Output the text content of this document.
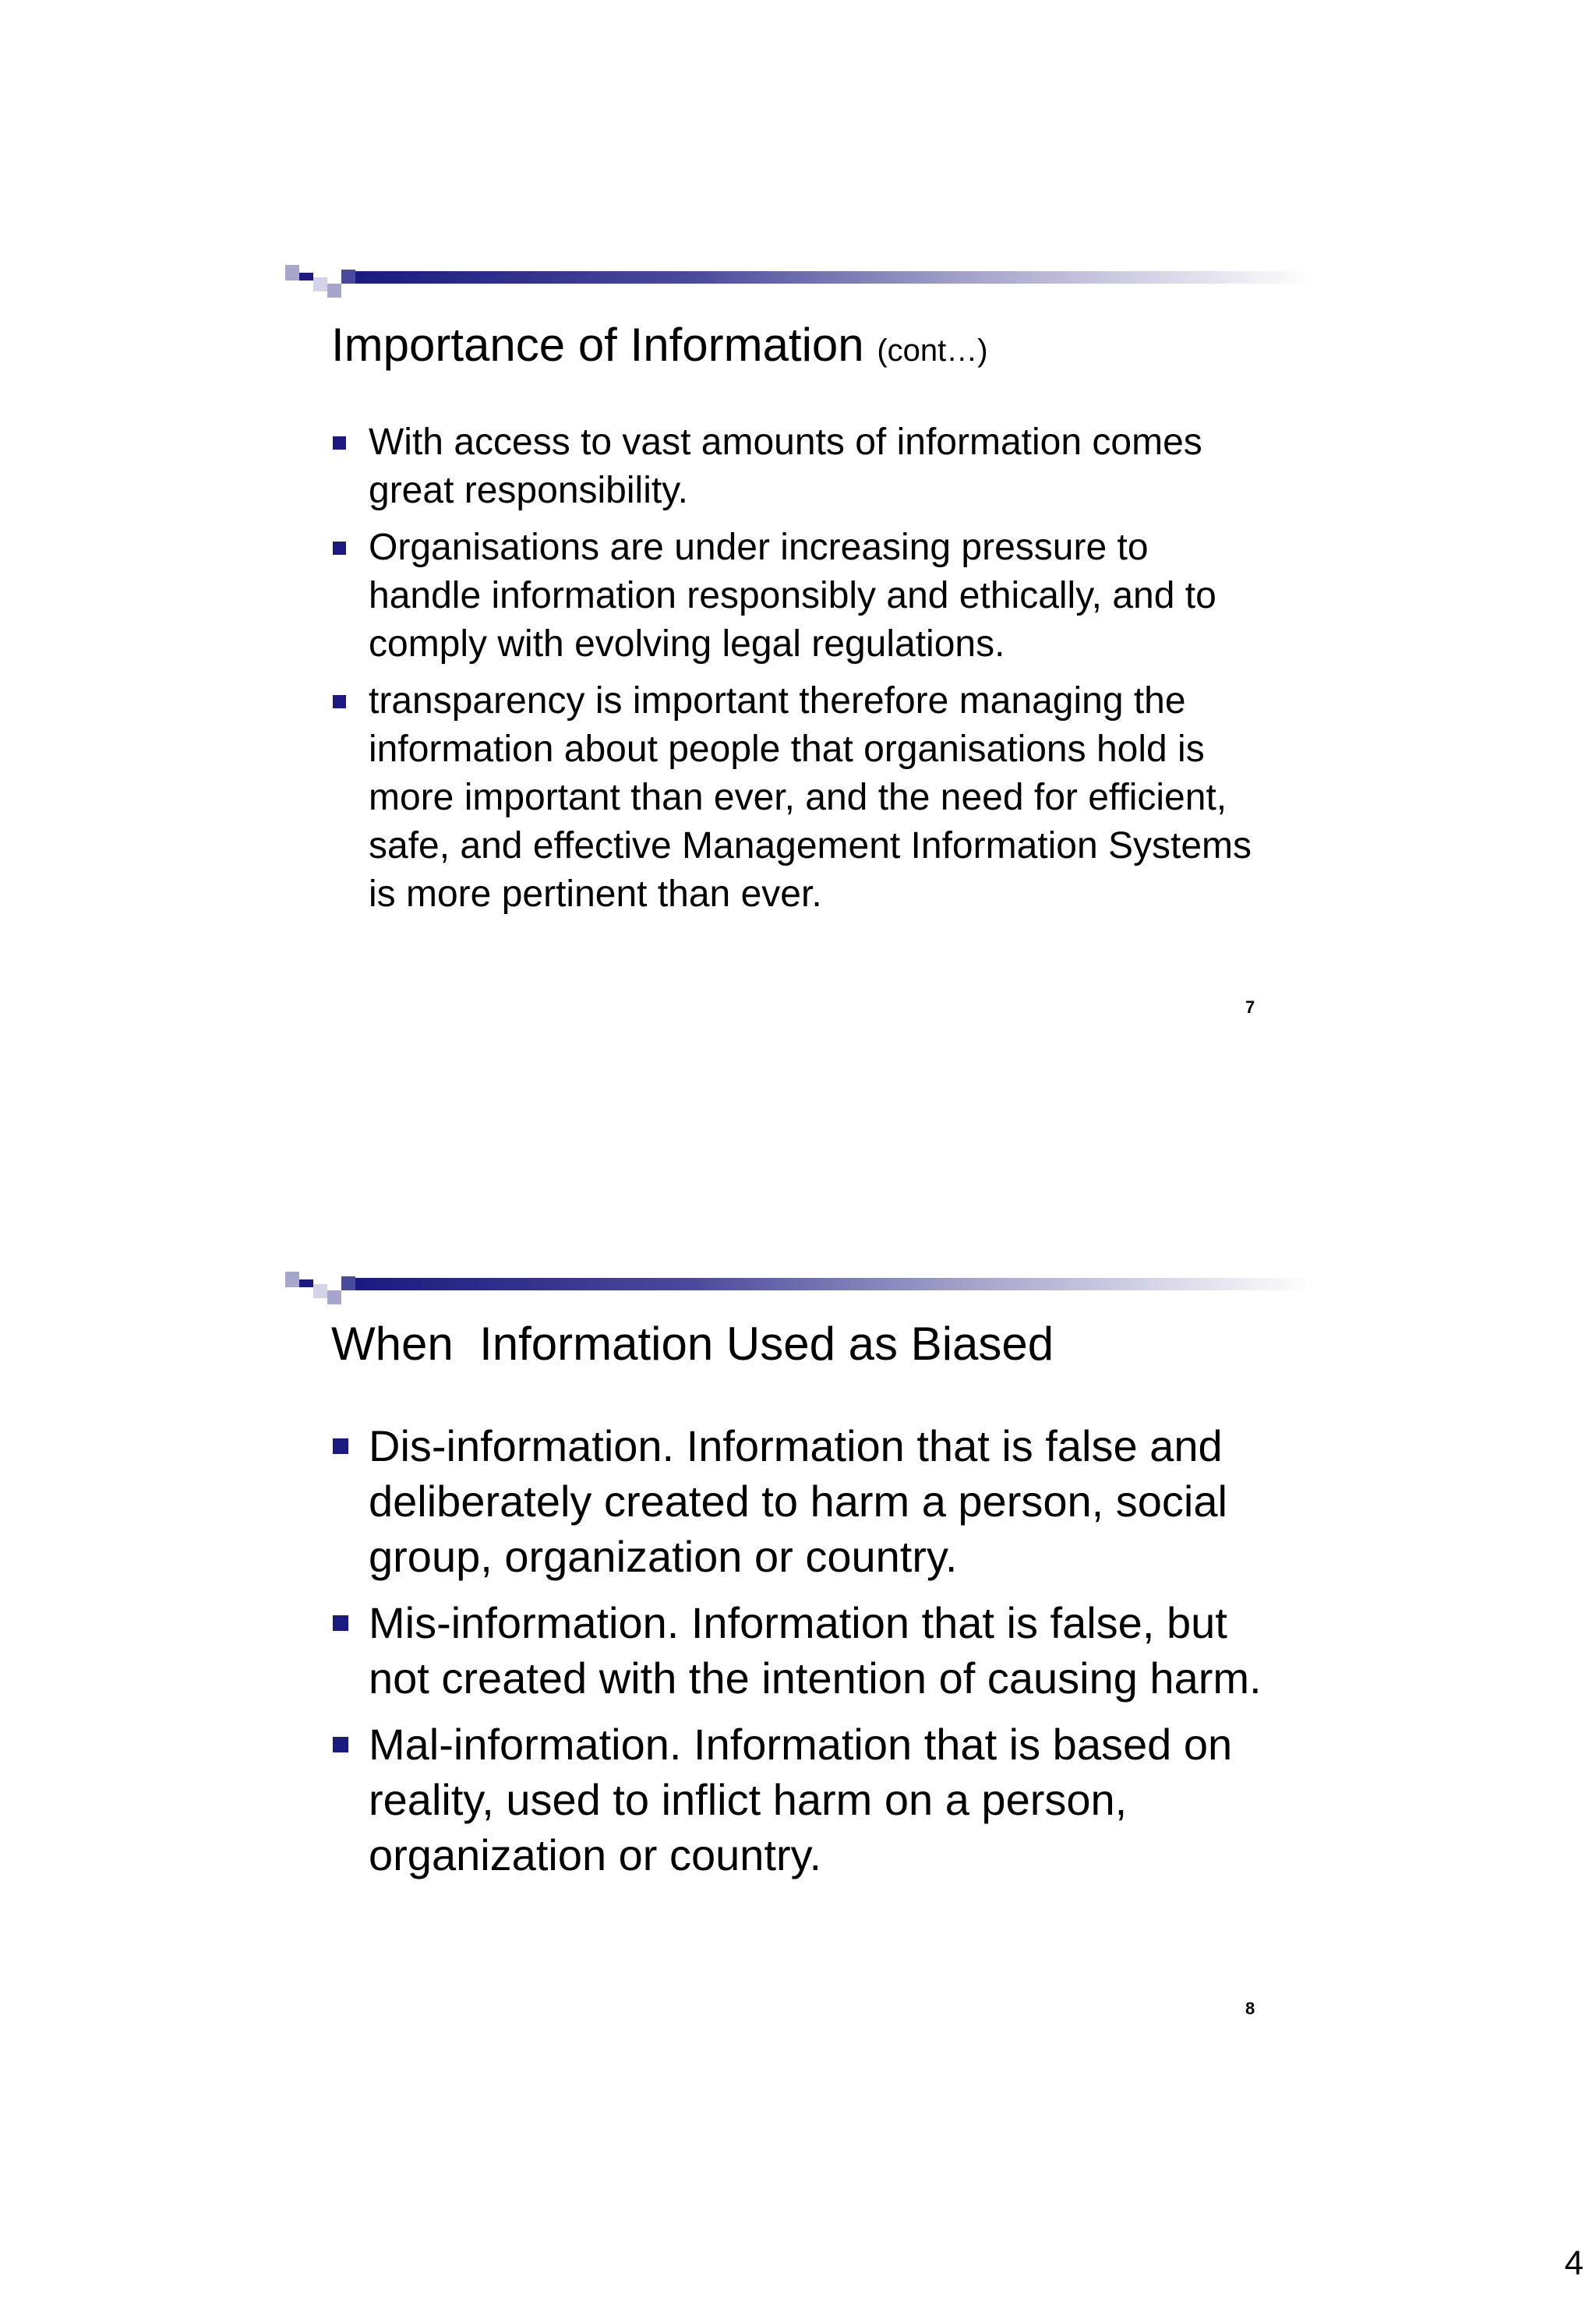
Importance of Information (cont…)
With access to vast amounts of information comes great responsibility.
Organisations are under increasing pressure to handle information responsibly and ethically, and to comply with evolving legal regulations.
transparency is important therefore managing the information about people that organisations hold is more important than ever, and the need for efficient, safe, and effective Management Information Systems is more pertinent than ever.
7
When  Information Used as Biased
Dis-information. Information that is false and deliberately created to harm a person, social group, organization or country.
Mis-information. Information that is false, but not created with the intention of causing harm.
Mal-information. Information that is based on reality, used to inflict harm on a person, organization or country.
8
4
